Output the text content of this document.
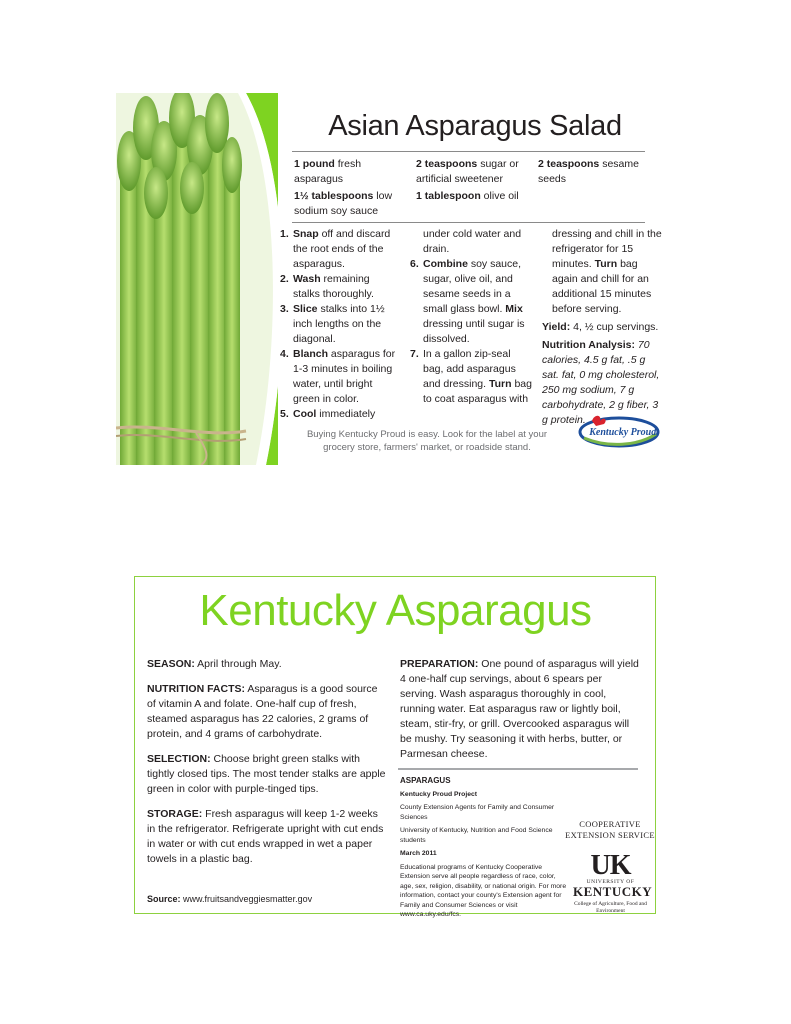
Asian Asparagus Salad
1 pound fresh asparagus
1½ tablespoons low sodium soy sauce
2 teaspoons sugar or artificial sweetener
1 tablespoon olive oil
2 teaspoons sesame seeds

1. Snap off and discard the root ends of the asparagus.

2. Wash remaining stalks thoroughly.

3. Slice stalks into 1½ inch lengths on the diagonal.

4. Blanch asparagus for 1-3 minutes in boiling water, until bright green in color.

5. Cool immediately

under cold water and drain.

6. Combine soy sauce, sugar, olive oil, and sesame seeds in a small glass bowl. Mix dressing until sugar is dissolved.

7. In a gallon zip-seal bag, add asparagus and dressing. Turn bag to coat asparagus with

dressing and chill in the refrigerator for 15 minutes. Turn bag again and chill for an additional 15 minutes before serving.

Yield: 4, ½ cup servings.

Nutrition Analysis: 70 calories, 4.5 g fat, .5 g sat. fat, 0 mg cholesterol, 250 mg sodium, 7 g carbohydrate, 2 g fiber, 3 g protein.

Buying Kentucky Proud is easy. Look for the label at your grocery store, farmers' market, or roadside stand.
Kentucky Proud.
Kentucky Asparagus

SEASON: April through May.

NUTRITION FACTS: Asparagus is a good source of vitamin A and folate. One-half cup of fresh, steamed asparagus has 22 calories, 2 grams of protein, and 4 grams of carbohydrate.

SELECTION: Choose bright green stalks with tightly closed tips. The most tender stalks are apple green in color with purple-tinged tips.

STORAGE: Fresh asparagus will keep 1-2 weeks in the refrigerator. Refrigerate upright with cut ends in water or with cut ends wrapped in wet a paper towels in a plastic bag.

Source: www.fruitsandveggiesmatter.gov

PREPARATION: One pound of asparagus will yield 4 one-half cup servings, about 6 spears per serving. Wash asparagus thoroughly in cool, running water. Eat asparagus raw or lightly boil, steam, stir-fry, or grill. Overcooked asparagus will be mushy. Try seasoning it with herbs, butter, or Parmesan cheese.

ASPARAGUS

Kentucky Proud Project

County Extension Agents for Family and Consumer Sciences

University of Kentucky, Nutrition and Food Science students

March 2011

Educational programs of Kentucky Cooperative Extension serve all people regardless of race, color, age, sex, religion, disability, or national origin. For more information, contact your county's Extension agent for Family and Consumer Sciences or visit www.ca.uky.edu/fcs.

COOPERATIVE EXTENSION SERVICE
UK
UNIVERSITY OF
KENTUCKY
College of Agriculture, Food and Environment
